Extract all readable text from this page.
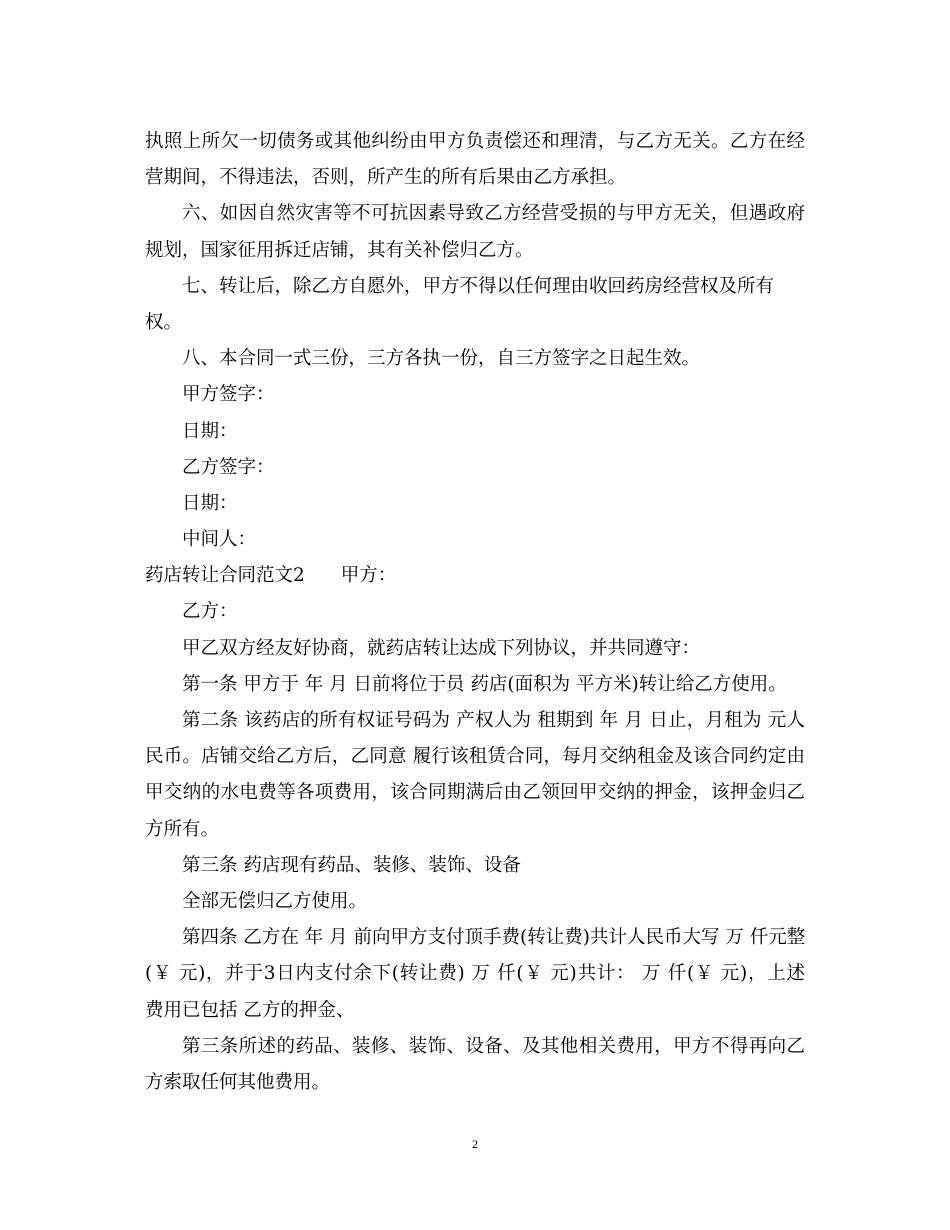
执照上所欠一切债务或其他纠纷由甲方负责偿还和理清，与乙方无关。乙方在经

营期间，不得违法，否则，所产生的所有后果由乙方承担。

六、如因自然灾害等不可抗因素导致乙方经营受损的与甲方无关，但遇政府

规划，国家征用拆迁店铺，其有关补偿归乙方。

七、转让后，除乙方自愿外，甲方不得以任何理由收回药房经营权及所有

权。

八、本合同一式三份，三方各执一份，自三方签字之日起生效。

甲方签字：

日期：

乙方签字：

日期：

中间人：

药店转让合同范文2 甲方：

乙方：

甲乙双方经友好协商，就药店转让达成下列协议，并共同遵守：

第一条 甲方于 年 月 日前将位于员 药店(面积为 平方米)转让给乙方使用。

第二条 该药店的所有权证号码为 产权人为 租期到 年 月 日止，月租为 元人

民币。店铺交给乙方后，乙同意 履行该租赁合同，每月交纳租金及该合同约定由

甲交纳的水电费等各项费用，该合同期满后由乙领回甲交纳的押金，该押金归乙

方所有。

第三条 药店现有药品、装修、装饰、设备

全部无偿归乙方使用。

第四条 乙方在 年 月 前向甲方支付顶手费(转让费)共计人民币大写 万 仟元整

(￥ 元)，并于3日内支付余下(转让费) 万 仟(￥ 元)共计： 万 仟(￥ 元)，上述

费用已包括 乙方的押金、

第三条所述的药品、装修、装饰、设备、及其他相关费用，甲方不得再向乙

方索取任何其他费用。

2
